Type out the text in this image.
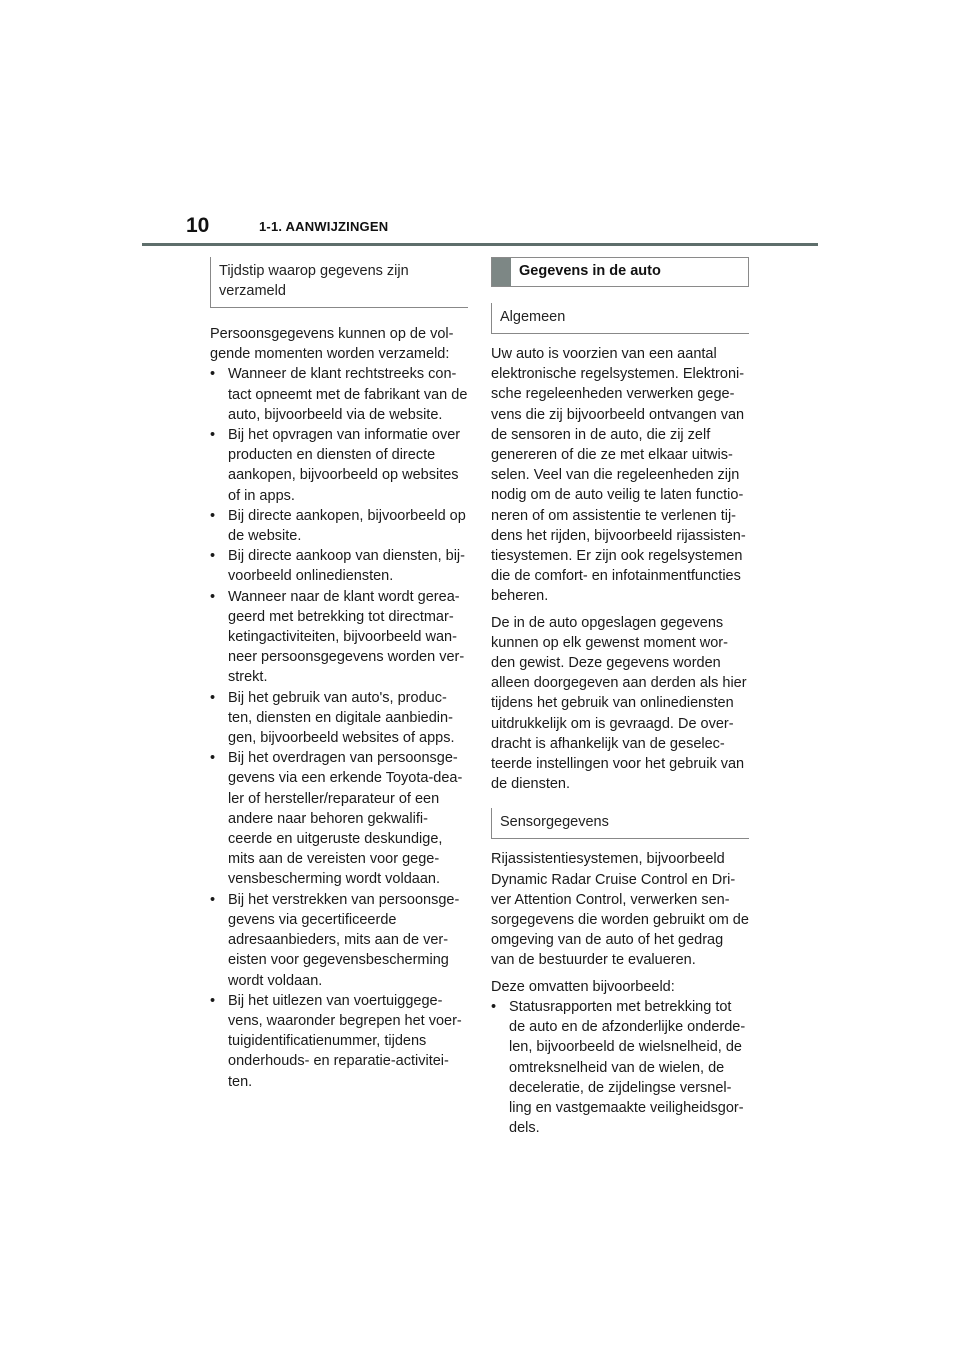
10	1-1. AANWIJZINGEN
Tijdstip waarop gegevens zijn verzameld

Persoonsgegevens kunnen op de vol-gende momenten worden verzameld:

• Wanneer de klant rechtstreeks con-tact opneemt met de fabrikant van de auto, bijvoorbeeld via de website.
• Bij het opvragen van informatie over producten en diensten of directe aankopen, bijvoorbeeld op websites of in apps.
• Bij directe aankopen, bijvoorbeeld op de website.
• Bij directe aankoop van diensten, bij-voorbeeld onlinediensten.
• Wanneer naar de klant wordt gerea-geerd met betrekking tot directmar-ketingactiviteiten, bijvoorbeeld wan-neer persoonsgegevens worden ver-strekt.
• Bij het gebruik van auto's, produc-ten, diensten en digitale aanbiedin-gen, bijvoorbeeld websites of apps.
• Bij het overdragen van persoonsge-gevens via een erkende Toyota-dea-ler of hersteller/reparateur of een andere naar behoren gekwalifi-ceerde en uitgeruste deskundige, mits aan de vereisten voor gege-vensbescherming wordt voldaan.
• Bij het verstrekken van persoonsge-gevens via gecertificeerde adresaanbieders, mits aan de ver-eisten voor gegevensbescherming wordt voldaan.
• Bij het uitlezen van voertuiggege-vens, waaronder begrepen het voer-tuigidentificatienummer, tijdens onderhouds- en reparatie-activitei-ten.
Gegevens in de auto
Algemeen

Uw auto is voorzien van een aantal elektronische regelsystemen. Elektroni-sche regeleenheden verwerken gege-vens die zij bijvoorbeeld ontvangen van de sensoren in de auto, die zij zelf genereren of die ze met elkaar uitwis-selen. Veel van die regeleenheden zijn nodig om de auto veilig te laten functio-neren of om assistentie te verlenen tij-dens het rijden, bijvoorbeeld rijassisten-tiesystemen. Er zijn ook regelsystemen die de comfort- en infotainmentfuncties beheren.

De in de auto opgeslagen gegevens kunnen op elk gewenst moment wor-den gewist. Deze gegevens worden alleen doorgegeven aan derden als hier tijdens het gebruik van onlinediensten uitdrukkelijk om is gevraagd. De over-dracht is afhankelijk van de geselec-teerde instellingen voor het gebruik van de diensten.

Sensorgegevens

Rijassistentiesystemen, bijvoorbeeld Dynamic Radar Cruise Control en Dri-ver Attention Control, verwerken sen-sorgegevens die worden gebruikt om de omgeving van de auto of het gedrag van de bestuurder te evalueren.

Deze omvatten bijvoorbeeld:

• Statusrapporten met betrekking tot de auto en de afzonderlijke onderde-len, bijvoorbeeld de wielsnelheid, de omtreksnelheid van de wielen, de deceleratie, de zijdelingse versnel-ling en vastgemaakte veiligheidsgor-dels.
